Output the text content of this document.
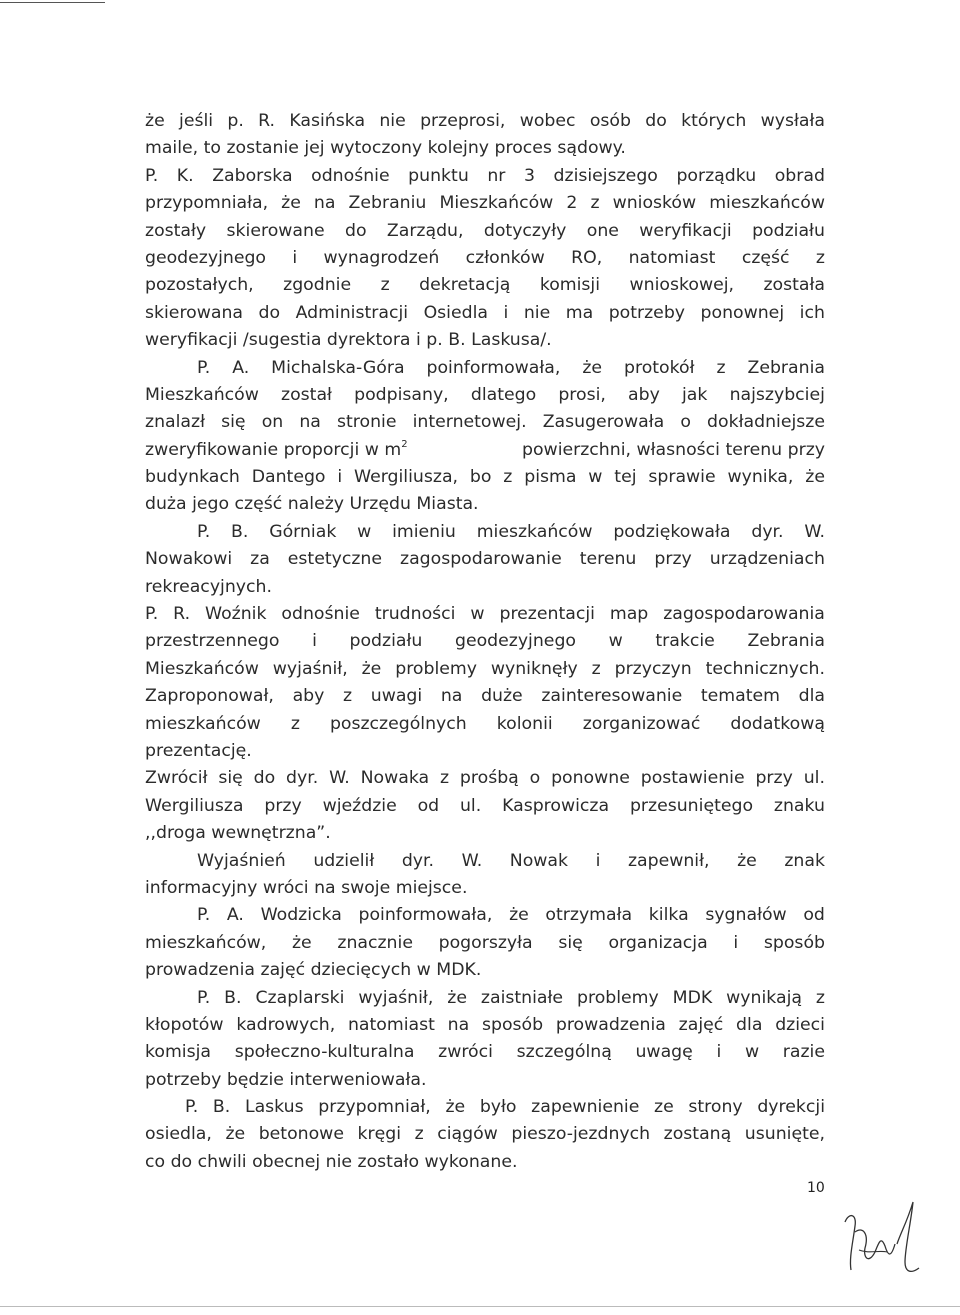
że jeśli p. R. Kasińska nie przeprosi, wobec osób do których wysłała
maile, to zostanie jej wytoczony kolejny proces sądowy.
P. K. Zaborska odnośnie punktu nr 3 dzisiejszego porządku obrad
przypomniała, że na Zebraniu Mieszkańców 2 z wniosków mieszkańców
zostały skierowane do Zarządu, dotyczyły one weryfikacji podziału
geodezyjnego i wynagrodzeń członków RO, natomiast część z
pozostałych, zgodnie z dekretacją komisji wnioskowej, została
skierowana do Administracji Osiedla i nie ma potrzeby ponownej ich
weryfikacji /sugestia dyrektora i p. B. Laskusa/.
P. A. Michalska-Góra poinformowała, że protokół z Zebrania
Mieszkańców został podpisany, dlatego prosi, aby jak najszybciej
znalazł się on na stronie internetowej. Zasugerowała o dokładniejsze
zweryfikowanie proporcji w $m^2$	powierzchni, własności terenu przy
budynkach Dantego i Wergiliusza, bo z pisma w tej sprawie wynika, że
duża jego część należy Urzędu Miasta.
P. B. Górniak w imieniu mieszkańców podziękowała dyr. W.
Nowakowi za estetyczne zagospodarowanie terenu przy urządzeniach
rekreacyjnych.
P. R. Woźnik odnośnie trudności w prezentacji map zagospodarowania
przestrzennego i podziału geodezyjnego w trakcie Zebrania
Mieszkańców wyjaśnił, że problemy wyniknęły z przyczyn technicznych.
Zaproponował, aby z uwagi na duże zainteresowanie tematem dla
mieszkańców z poszczególnych kolonii zorganizować dodatkową
prezentację.
Zwrócił się do dyr. W. Nowaka z prośbą o ponowne postawienie przy ul.
Wergiliusza przy wjeździe od ul. Kasprowicza przesuniętego znaku
,,droga wewnętrzna”.
Wyjaśnień udzielił dyr. W. Nowak i zapewnił, że znak
informacyjny wróci na swoje miejsce.
P. A. Wodzicka poinformowała, że otrzymała kilka sygnałów od
mieszkańców, że znacznie pogorszyła się organizacja i sposób
prowadzenia zajęć dziecięcych w MDK.
P. B. Czaplarski wyjaśnił, że zaistniałe problemy MDK wynikają z
kłopotów kadrowych, natomiast na sposób prowadzenia zajęć dla dzieci
komisja społeczno-kulturalna zwróci szczególną uwagę i w razie
potrzeby będzie interweniowała.
P. B. Laskus przypomniał, że było zapewnienie ze strony dyrekcji
osiedla, że betonowe kręgi z ciągów pieszo-jezdnych zostaną usunięte,
co do chwili obecnej nie zostało wykonane.
10
